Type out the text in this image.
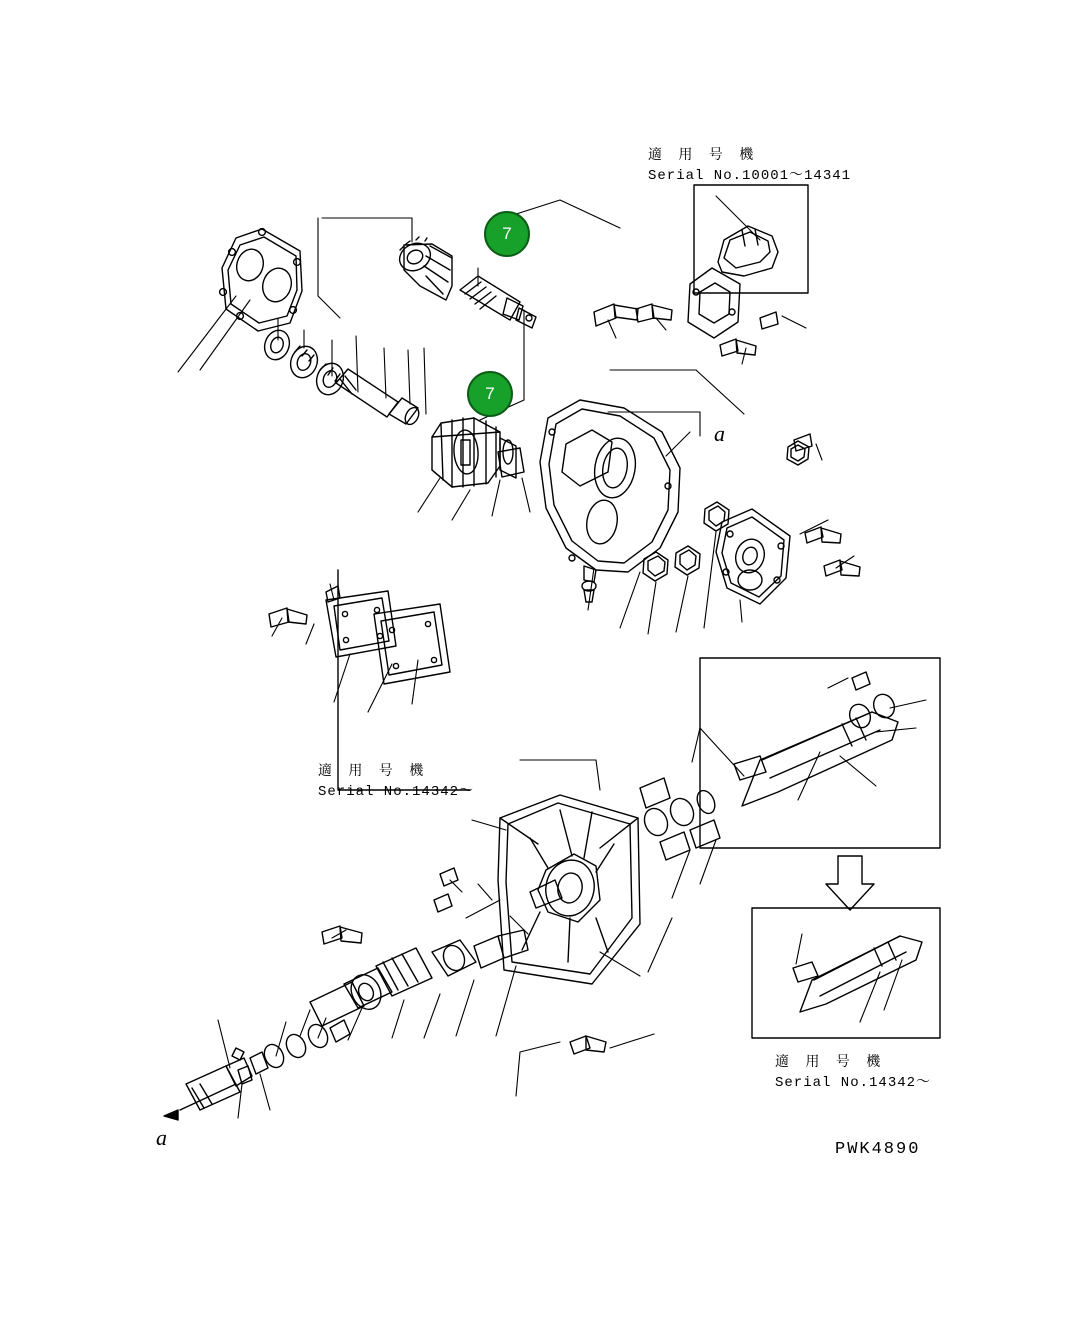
適 用 号 機
Serial No.10001～14341
適 用 号 機
Serial No.14342～
適 用 号 機
Serial No.14342～
7
7
a
a	PWK4890
